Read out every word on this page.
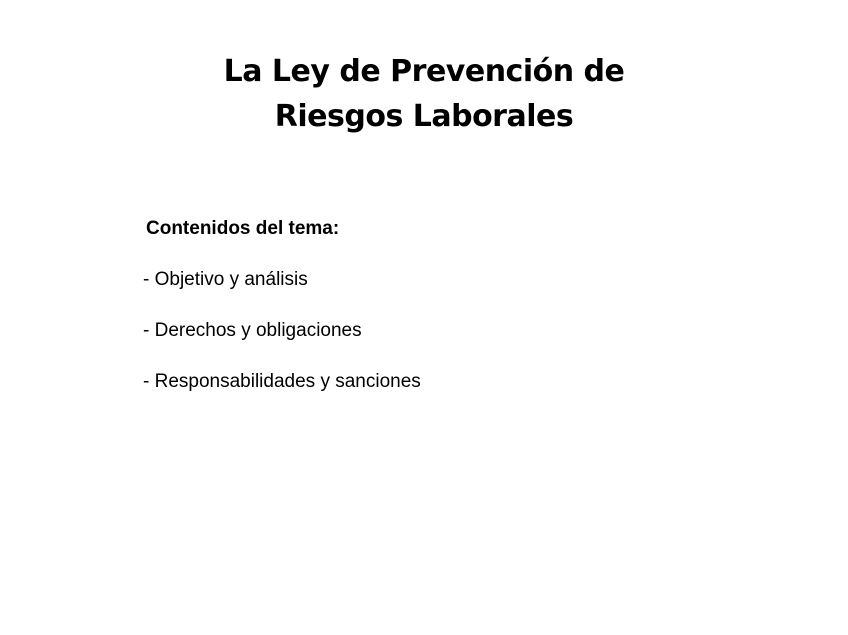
La Ley de Prevención de
Riesgos Laborales

Contenidos del tema:

- Objetivo y análisis
- Derechos y obligaciones
- Responsabilidades y sanciones
